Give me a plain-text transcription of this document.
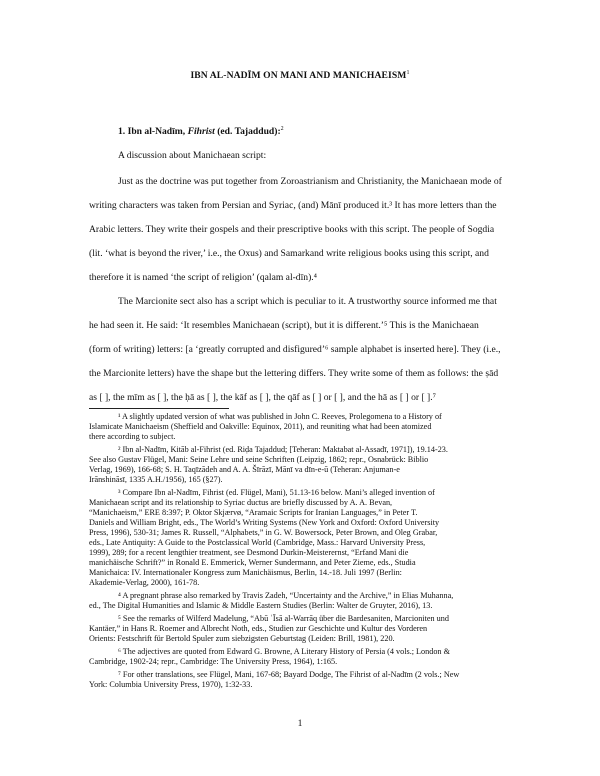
IBN AL-NADĪM ON MANI AND MANICHAEISM$^1$
1. Ibn al-Nadīm, Fihrist (ed. Tajaddud):$^2$
A discussion about Manichaean script:
Just as the doctrine was put together from Zoroastrianism and Christianity, the Manichaean mode of
writing characters was taken from Persian and Syriac, (and) Mānī produced it.³ It has more letters than the
Arabic letters. They write their gospels and their prescriptive books with this script. The people of Sogdia
(lit. ‘what is beyond the river,’ i.e., the Oxus) and Samarkand write religious books using this script, and
therefore it is named ‘the script of religion’ (qalam al-dīn).⁴
The Marcionite sect also has a script which is peculiar to it. A trustworthy source informed me that
he had seen it. He said: ‘It resembles Manichaean (script), but it is different.’⁵ This is the Manichaean
(form of writing) letters: [a ‘greatly corrupted and disfigured’⁶ sample alphabet is inserted here]. They (i.e.,
the Marcionite letters) have the shape but the lettering differs. They write some of them as follows: the ṣād
as [ ], the mīm as [ ], the ḥā as [ ], the kāf as [ ], the qāf as [ ] or [ ], and the hā as [ ] or [ ].⁷
¹ A slightly updated version of what was published in John C. Reeves, Prolegomena to a History of
Islamicate Manichaeism (Sheffield and Oakville: Equinox, 2011), and reuniting what had been atomized
there according to subject.
² Ibn al-Nadīm, Kitāb al-Fihrist (ed. Riḍa Tajaddud; [Teheran: Maktabat al-Assadī, 1971]), 19.14-23.
See also Gustav Flügel, Mani: Seine Lehre und seine Schriften (Leipzig, 1862; repr., Osnabrück: Biblio
Verlag, 1969), 166-68; S. H. Taqīzādeh and A. A. Šīrāzī, Mānī va dīn-e-ū (Teheran: Anjuman-e
Irānshināsī, 1335 A.H./1956), 165 (§27).
³ Compare Ibn al-Nadīm, Fihrist (ed. Flügel, Mani), 51.13-16 below. Mani’s alleged invention of
Manichaean script and its relationship to Syriac ductus are briefly discussed by A. A. Bevan,
“Manichaeism,” ERE 8:397; P. Oktor Skjærvø, “Aramaic Scripts for Iranian Languages,” in Peter T.
Daniels and William Bright, eds., The World’s Writing Systems (New York and Oxford: Oxford University
Press, 1996), 530-31; James R. Russell, “Alphabets,” in G. W. Bowersock, Peter Brown, and Oleg Grabar,
eds., Late Antiquity: A Guide to the Postclassical World (Cambridge, Mass.: Harvard University Press,
1999), 289; for a recent lengthier treatment, see Desmond Durkin-Meisterernst, “Erfand Mani die
manichäische Schrift?” in Ronald E. Emmerick, Werner Sundermann, and Peter Zieme, eds., Studia
Manichaica: IV. Internationaler Kongress zum Manichäismus, Berlin, 14.-18. Juli 1997 (Berlin:
Akademie-Verlag, 2000), 161-78.
⁴ A pregnant phrase also remarked by Travis Zadeh, “Uncertainty and the Archive,” in Elias Muhanna,
ed., The Digital Humanities and Islamic & Middle Eastern Studies (Berlin: Walter de Gruyter, 2016), 13.
⁵ See the remarks of Wilferd Madelung, “Abū ʿĪsā al-Warrāq über die Bardesaniten, Marcioniten und
Kantäer,” in Hans R. Roemer and Albrecht Noth, eds., Studien zur Geschichte und Kultur des Vorderen
Orients: Festschrift für Bertold Spuler zum siebzigsten Geburtstag (Leiden: Brill, 1981), 220.
⁶ The adjectives are quoted from Edward G. Browne, A Literary History of Persia (4 vols.; London &
Cambridge, 1902-24; repr., Cambridge: The University Press, 1964), 1:165.
⁷ For other translations, see Flügel, Mani, 167-68; Bayard Dodge, The Fihrist of al-Nadīm (2 vols.; New
York: Columbia University Press, 1970), 1:32-33.
1
